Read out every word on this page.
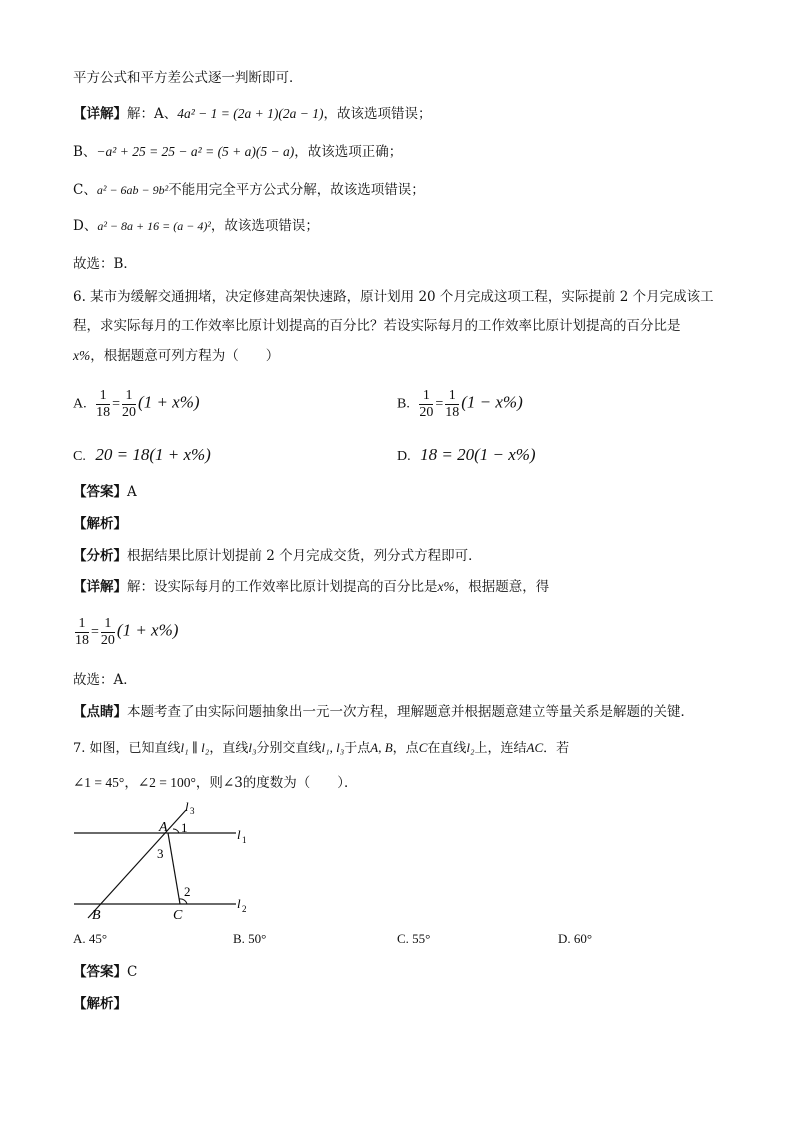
平方公式和平方差公式逐一判断即可．
【详解】解：A、4a² − 1 = (2a + 1)(2a − 1)，故该选项错误；
B、−a² + 25 = 25 − a² = (5 + a)(5 − a)，故该选项正确；
C、a² − 6ab − 9b²不能用完全平方公式分解，故该选项错误；
D、a² − 8a + 16 = (a − 4)²，故该选项错误；
故选：B．
6. 某市为缓解交通拥堵，决定修建高架快速路，原计划用 20 个月完成这项工程，实际提前 2 个月完成该工
程，求实际每月的工作效率比原计划提高的百分比？若设实际每月的工作效率比原计划提高的百分比是
x%，根据题意可列方程为（　　）
A. $\frac{1}{18} = \frac{1}{20} (1 + x\%)$	B. $\frac{1}{20} = \frac{1}{18} (1 - x\%)$
C. 20 = 18(1 + x%)	D. 18 = 20(1 − x%)
【答案】A
【解析】
【分析】根据结果比原计划提前 2 个月完成交货，列分式方程即可．
【详解】解：设实际每月的工作效率比原计划提高的百分比是x%，根据题意，得
$\frac{1}{18} = \frac{1}{20} (1 + x\%)$
故选：A．
【点睛】本题考查了由实际问题抽象出一元一次方程，理解题意并根据题意建立等量关系是解题的关键．
7. 如图，已知直线l₁ ∥ l₂，直线l₃分别交直线l₁, l₃于点A, B，点C在直线l₂上，连结AC．若
∠1 = 45°，∠2 = 100°，则∠3的度数为（　　）．
A
B	C
1
2
3
l 3
l 1
l 2
A. 45°	B. 50°	C. 55°	D. 60°
【答案】C
【解析】
